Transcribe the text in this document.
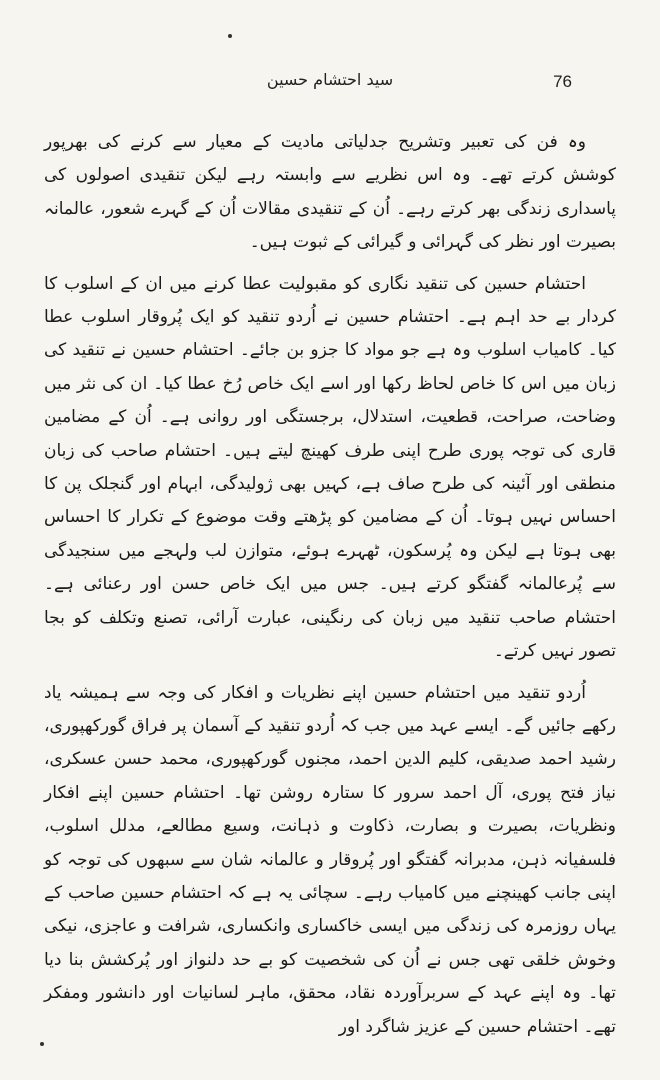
سید احتشام حسین	76

وہ فن کی تعبیر وتشریح جدلیاتی مادیت کے معیار سے کرنے کی بھرپور کوشش کرتے تھے۔ وہ اس نظریے سے وابستہ رہے لیکن تنقیدی اصولوں کی پاسداری زندگی بھر کرتے رہے۔ اُن کے تنقیدی مقالات اُن کے گہرے شعور، عالمانہ بصیرت اور نظر کی گہرائی و گیرائی کے ثبوت ہیں۔

احتشام حسین کی تنقید نگاری کو مقبولیت عطا کرنے میں ان کے اسلوب کا کردار بے حد اہم ہے۔ احتشام حسین نے اُردو تنقید کو ایک پُروقار اسلوب عطا کیا۔ کامیاب اسلوب وہ ہے جو مواد کا جزو بن جائے۔ احتشام حسین نے تنقید کی زبان میں اس کا خاص لحاظ رکھا اور اسے ایک خاص رُخ عطا کیا۔ ان کی نثر میں وضاحت، صراحت، قطعیت، استدلال، برجستگی اور روانی ہے۔ اُن کے مضامین قاری کی توجہ پوری طرح اپنی طرف کھینچ لیتے ہیں۔ احتشام صاحب کی زبان منطقی اور آئینہ کی طرح صاف ہے، کہیں بھی ژولیدگی، ابہام اور گنجلک پن کا احساس نہیں ہوتا۔ اُن کے مضامین کو پڑھتے وقت موضوع کے تکرار کا احساس بھی ہوتا ہے لیکن وہ پُرسکون، ٹھہرے ہوئے، متوازن لب ولہجے میں سنجیدگی سے پُرعالمانہ گفتگو کرتے ہیں۔ جس میں ایک خاص حسن اور رعنائی ہے۔ احتشام صاحب تنقید میں زبان کی رنگینی، عبارت آرائی، تصنع وتکلف کو بجا تصور نہیں کرتے۔

اُردو تنقید میں احتشام حسین اپنے نظریات و افکار کی وجہ سے ہمیشہ یاد رکھے جائیں گے۔ ایسے عہد میں جب کہ اُردو تنقید کے آسمان پر فراق گورکھپوری، رشید احمد صدیقی، کلیم الدین احمد، مجنوں گورکھپوری، محمد حسن عسکری، نیاز فتح پوری، آل احمد سرور کا ستارہ روشن تھا۔ احتشام حسین اپنے افکار ونظریات، بصیرت و بصارت، ذکاوت و ذہانت، وسیع مطالعے، مدلل اسلوب، فلسفیانہ ذہن، مدبرانہ گفتگو اور پُروقار و عالمانہ شان سے سبھوں کی توجہ کو اپنی جانب کھینچنے میں کامیاب رہے۔ سچائی یہ ہے کہ احتشام حسین صاحب کے یہاں روزمرہ کی زندگی میں ایسی خاکساری وانکساری، شرافت و عاجزی، نیکی وخوش خلقی تھی جس نے اُن کی شخصیت کو بے حد دلنواز اور پُرکشش بنا دیا تھا۔ وہ اپنے عہد کے سربرآوردہ نقاد، محقق، ماہر لسانیات اور دانشور ومفکر تھے۔ احتشام حسین کے عزیز شاگرد اور
